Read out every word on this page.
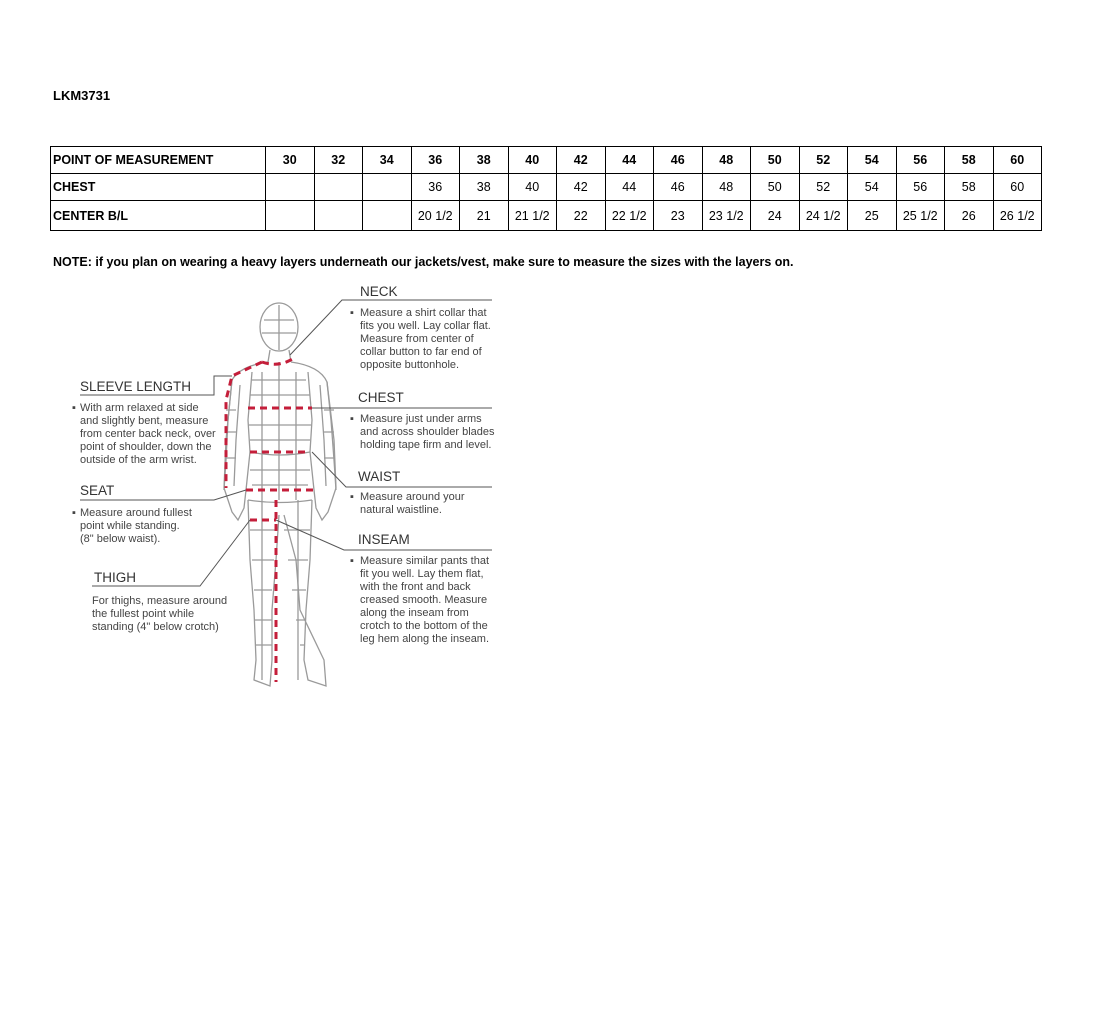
LKM3731
POINT OF MEASUREMENT	30	32	34	36	38	40	42	44	46	48	50	52	54	56	58	60
CHEST				36	38	40	42	44	46	48	50	52	54	56	58	60
CENTER B/L				20 1/2	21	21 1/2	22	22 1/2	23	23 1/2	24	24 1/2	25	25 1/2	26	26 1/2
NOTE: if you plan on wearing a heavy layers underneath our jackets/vest, make sure to measure the sizes with the layers on.
NECK
▪ Measure a shirt collar that
fits you well. Lay collar flat.
Measure from center of
collar button to far end of
opposite buttonhole.
CHEST
▪ Measure just under arms
and across shoulder blades
holding tape firm and level.
WAIST
▪ Measure around your
natural waistline.
INSEAM
▪ Measure similar pants that
fit you well. Lay them flat,
with the front and back
creased smooth. Measure
along the inseam from
crotch to the bottom of the
leg hem along the inseam.
SLEEVE LENGTH
▪ With arm relaxed at side
and slightly bent, measure
from center back neck, over
point of shoulder, down the
outside of the arm wrist.
SEAT
▪ Measure around fullest
point while standing.
(8" below waist).
THIGH
For thighs, measure around
the fullest point while
standing (4" below crotch)
